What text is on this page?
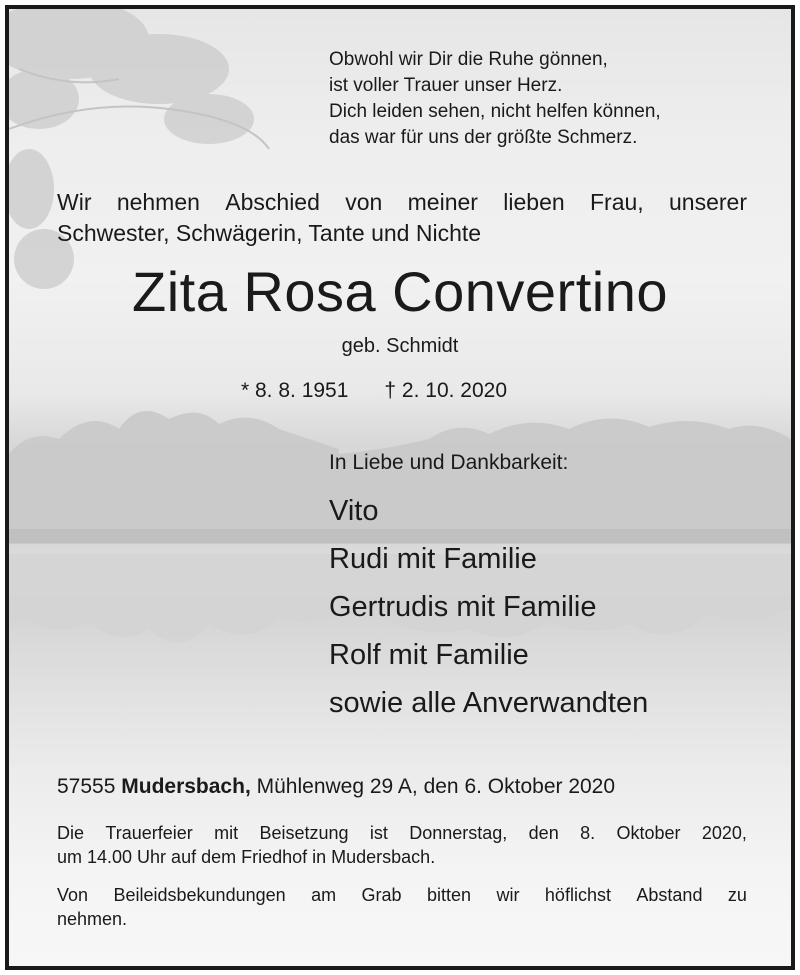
Obwohl wir Dir die Ruhe gönnen,
ist voller Trauer unser Herz.
Dich leiden sehen, nicht helfen können,
das war für uns der größte Schmerz.
Wir nehmen Abschied von meiner lieben Frau, unserer
Schwester, Schwägerin, Tante und Nichte
Zita Rosa Convertino
geb. Schmidt
* 8. 8. 1951 † 2. 10. 2020
In Liebe und Dankbarkeit:
Vito
Rudi mit Familie
Gertrudis mit Familie
Rolf mit Familie
sowie alle Anverwandten
57555 Mudersbach, Mühlenweg 29 A, den 6. Oktober 2020
Die Trauerfeier mit Beisetzung ist Donnerstag, den 8. Oktober 2020,
um 14.00 Uhr auf dem Friedhof in Mudersbach.
Von Beileidsbekundungen am Grab bitten wir höflichst Abstand zu
nehmen.
